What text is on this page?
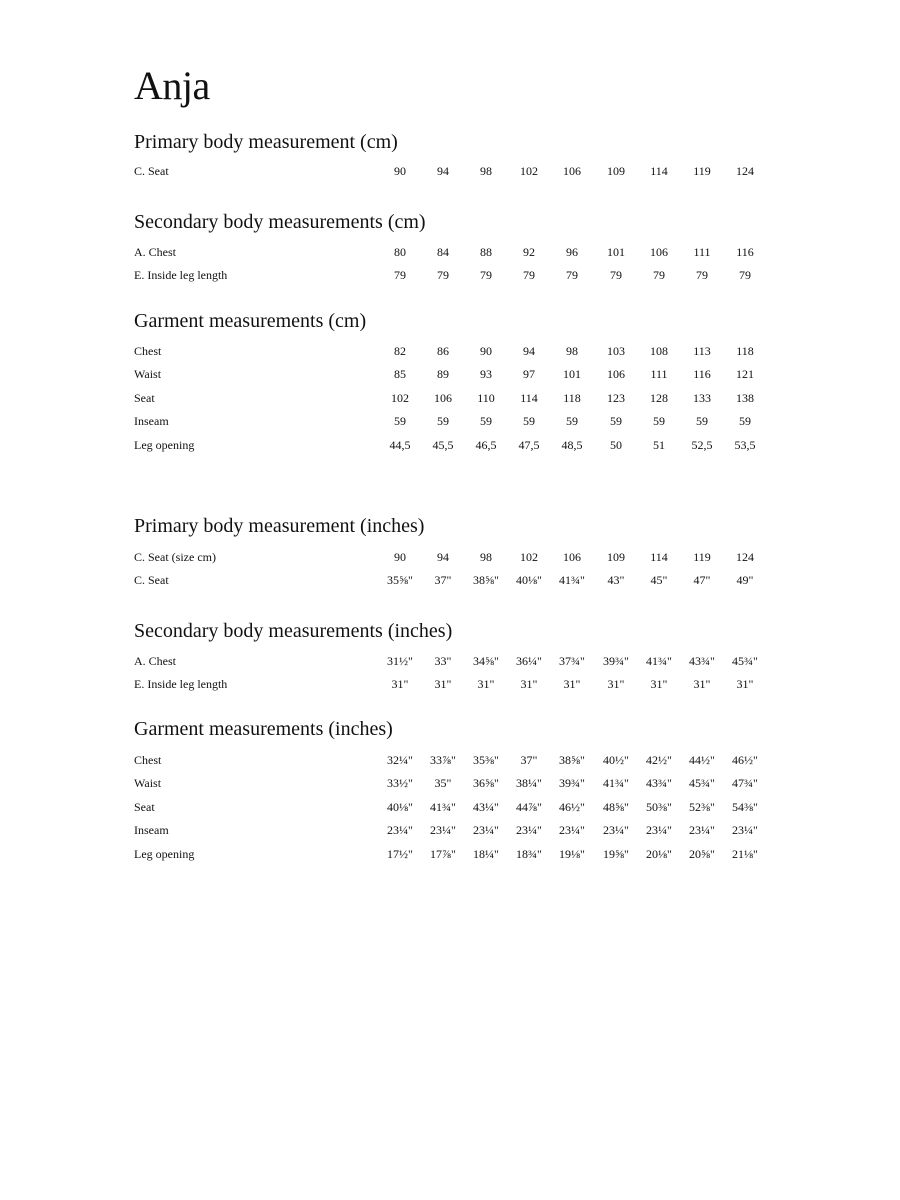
Anja
Primary body measurement (cm)
C. Seat	90	94	98	102	106	109	114	119	124
Secondary body measurements (cm)
A. Chest	80	84	88	92	96	101	106	111	116
E. Inside leg length	79	79	79	79	79	79	79	79	79
Garment measurements (cm)
Chest	82	86	90	94	98	103	108	113	118
Waist	85	89	93	97	101	106	111	116	121
Seat	102	106	110	114	118	123	128	133	138
Inseam	59	59	59	59	59	59	59	59	59
Leg opening	44,5	45,5	46,5	47,5	48,5	50	51	52,5	53,5
Primary body measurement (inches)
C. Seat (size cm)	90	94	98	102	106	109	114	119	124
C. Seat	35⅝"	37"	38⅝"	40⅛"	41¾"	43"	45"	47"	49"
Secondary body measurements (inches)
A. Chest	31½"	33"	34⅝"	36¼"	37¾"	39¾"	41¾"	43¾"	45¾"
E. Inside leg length	31"	31"	31"	31"	31"	31"	31"	31"	31"
Garment measurements (inches)
Chest	32¼"	33⅞"	35⅜"	37"	38⅝"	40½"	42½"	44½"	46½"
Waist	33½"	35"	36⅝"	38¼"	39¾"	41¾"	43¾"	45¾"	47¾"
Seat	40⅛"	41¾"	43¼"	44⅞"	46½"	48⅝"	50⅜"	52⅜"	54⅜"
Inseam	23¼"	23¼"	23¼"	23¼"	23¼"	23¼"	23¼"	23¼"	23¼"
Leg opening	17½"	17⅞"	18¼"	18¾"	19⅛"	19⅝"	20⅛"	20⅝"	21⅛"
